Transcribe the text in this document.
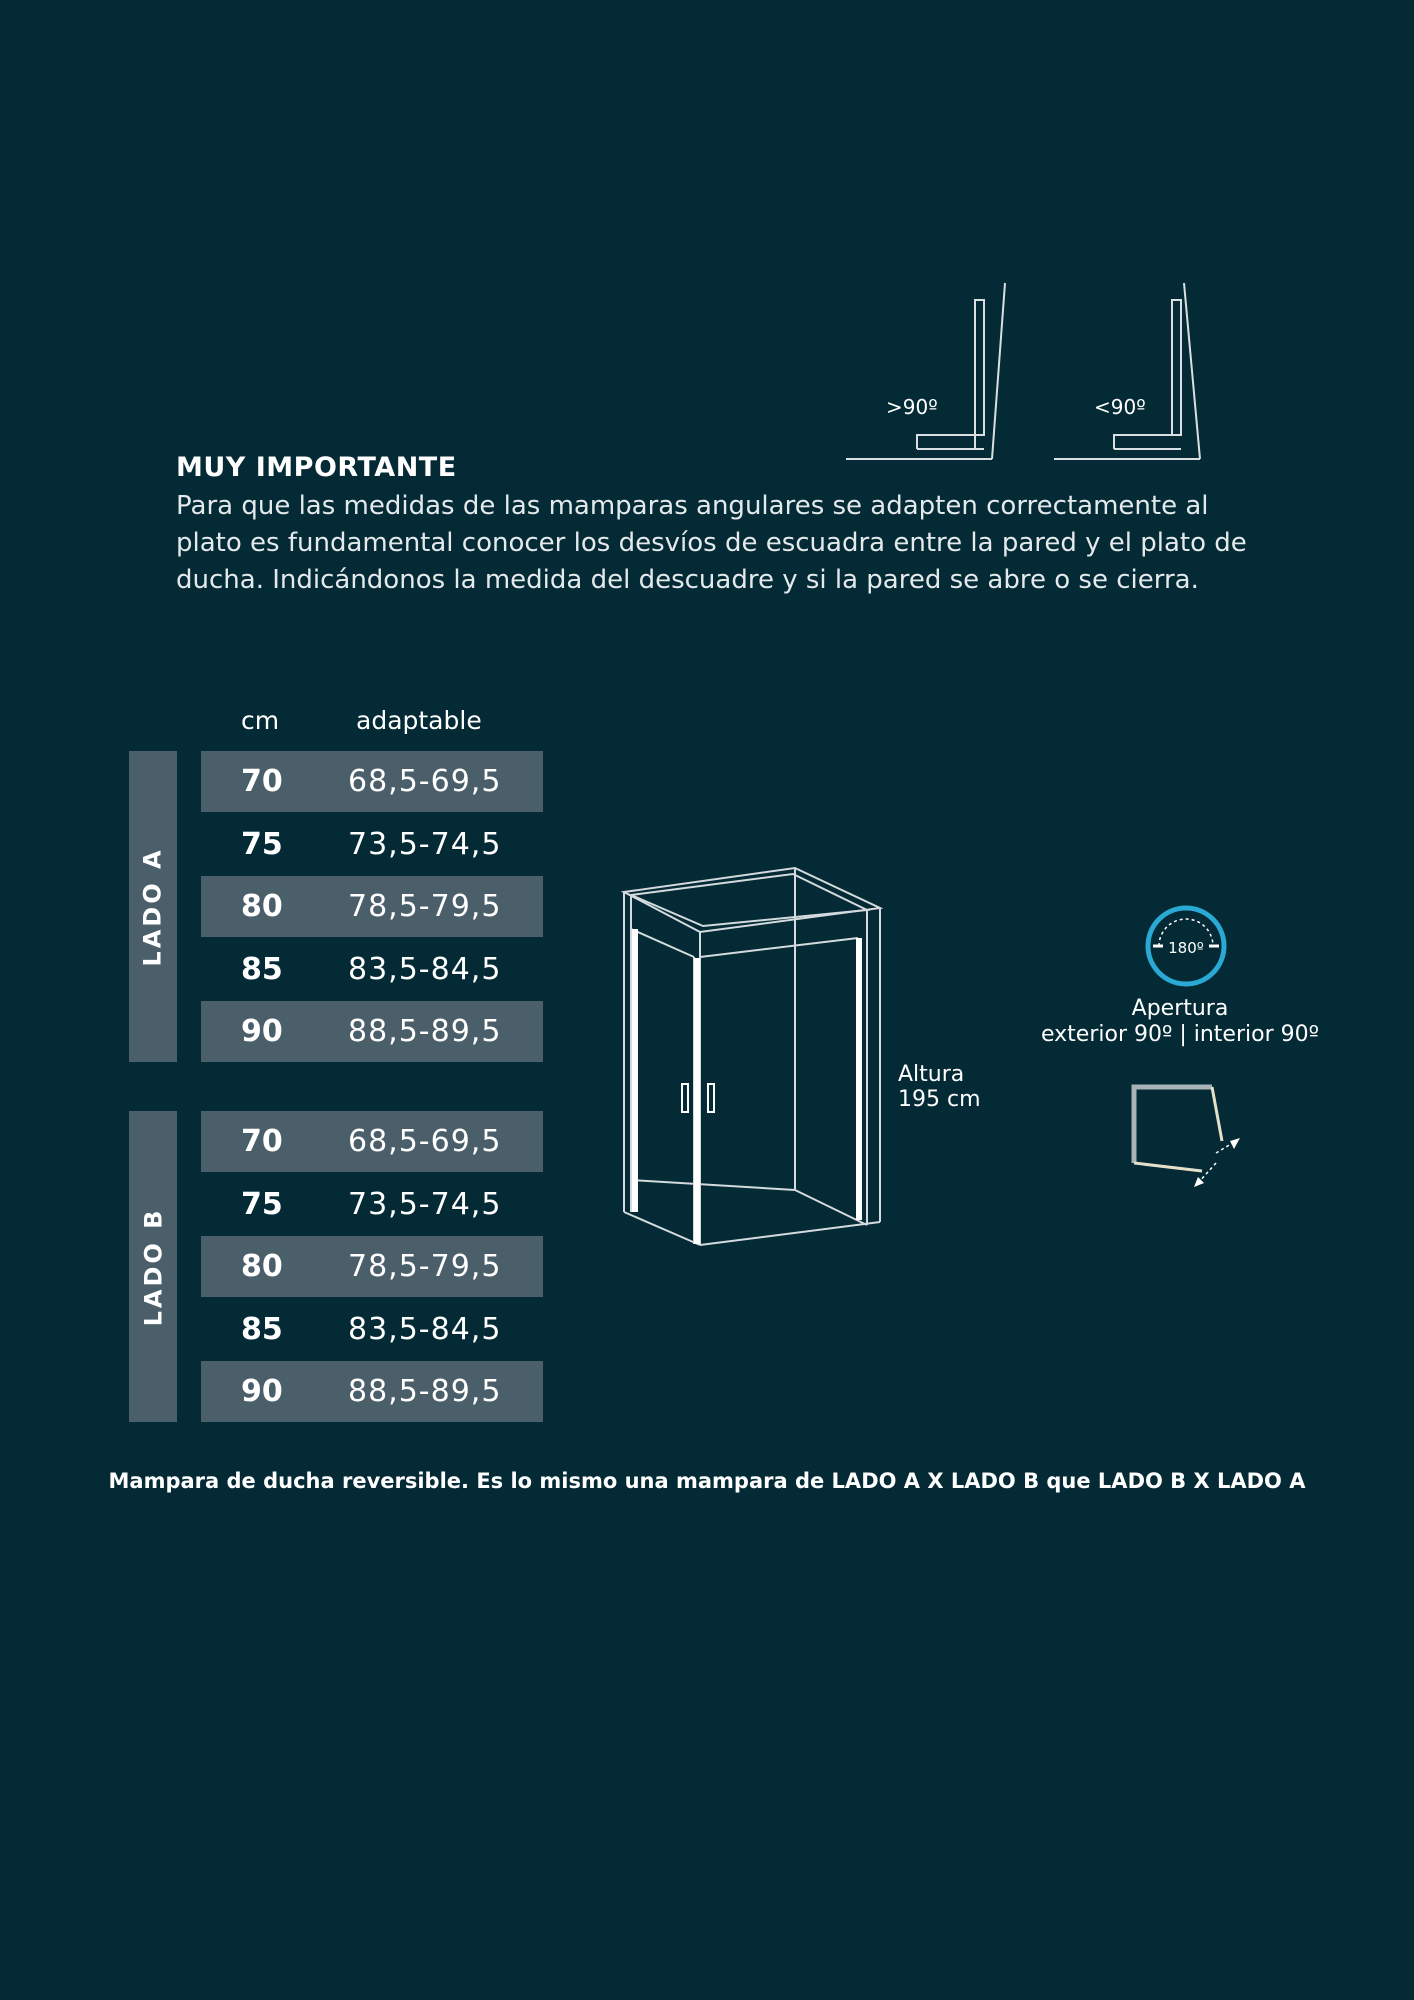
>90º	<90º
MUY IMPORTANTE
Para que las medidas de las mamparas angulares se adapten correctamente al plato es fundamental conocer los desvíos de escuadra entre la pared y el plato de ducha. Indicándonos la medida del descuadre y si la pared se abre o se cierra.
cm	adaptable
LADO A
70 68,5-69,5
75 73,5-74,5
80 78,5-79,5
85 83,5-84,5
90 88,5-89,5
LADO B
70 68,5-69,5
75 73,5-74,5
80 78,5-79,5
85 83,5-84,5
90 88,5-89,5
Altura
195 cm
180º
Apertura
exterior 90º | interior 90º
Mampara de ducha reversible. Es lo mismo una mampara de LADO A X LADO B que LADO B X LADO A
